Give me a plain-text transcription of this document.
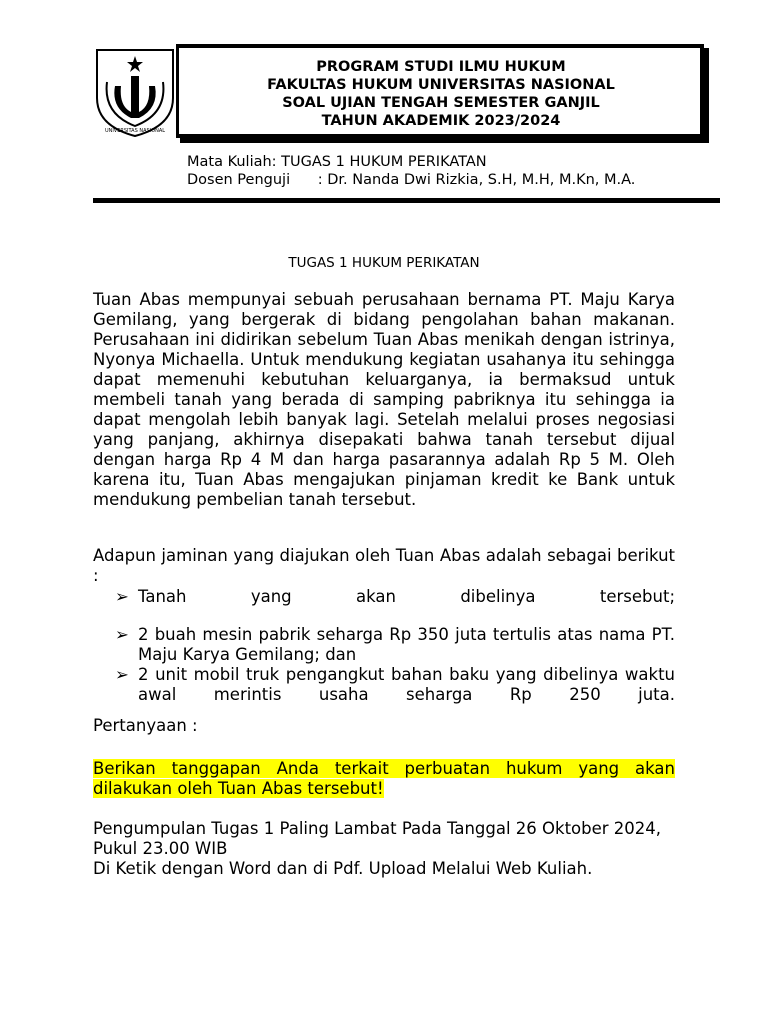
UNIVERSITAS NASIONAL
PROGRAM STUDI ILMU HUKUM
FAKULTAS HUKUM UNIVERSITAS NASIONAL
SOAL UJIAN TENGAH SEMESTER GANJIL
TAHUN AKADEMIK 2023/2024
Mata Kuliah: TUGAS 1 HUKUM PERIKATAN
Dosen Penguji      : Dr. Nanda Dwi Rizkia, S.H, M.H, M.Kn, M.A.
TUGAS 1 HUKUM PERIKATAN
Tuan Abas mempunyai sebuah perusahaan bernama PT. Maju Karya Gemilang, yang bergerak di bidang pengolahan bahan makanan. Perusahaan ini didirikan sebelum Tuan Abas menikah dengan istrinya, Nyonya Michaella. Untuk mendukung kegiatan usahanya itu sehingga dapat memenuhi kebutuhan keluarganya, ia bermaksud untuk membeli tanah yang berada di samping pabriknya itu sehingga ia dapat mengolah lebih banyak lagi. Setelah melalui proses negosiasi yang panjang, akhirnya disepakati bahwa tanah tersebut dijual dengan harga Rp 4 M dan harga pasarannya adalah Rp 5 M. Oleh karena itu, Tuan Abas mengajukan pinjaman kredit ke Bank untuk mendukung pembelian tanah tersebut.
Adapun jaminan yang diajukan oleh Tuan Abas adalah sebagai berikut :
➢ Tanah yang akan dibelinya tersebut;
➢ 2 buah mesin pabrik seharga Rp 350 juta tertulis atas nama PT. Maju Karya Gemilang; dan
➢ 2 unit mobil truk pengangkut bahan baku yang dibelinya waktu awal merintis usaha seharga Rp 250 juta.
Pertanyaan :
Berikan tanggapan Anda terkait perbuatan hukum yang akan dilakukan oleh Tuan Abas tersebut!
Pengumpulan Tugas 1 Paling Lambat Pada Tanggal 26 Oktober 2024, Pukul 23.00 WIB
Di Ketik dengan Word dan di Pdf. Upload Melalui Web Kuliah.
